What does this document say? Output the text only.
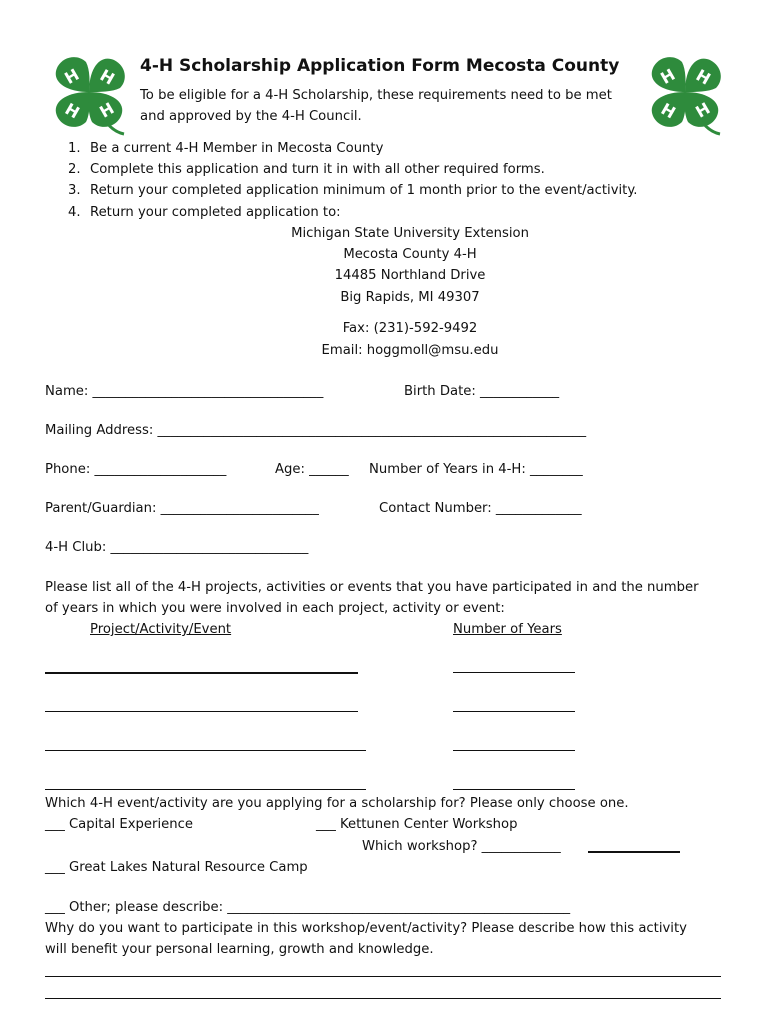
H H
H H
H H
H H
4-H Scholarship Application Form Mecosta County
To be eligible for a 4-H Scholarship, these requirements need to be met
and approved by the 4-H Council.
1. Be a current 4-H Member in Mecosta County
2. Complete this application and turn it in with all other required forms.
3. Return your completed application minimum of 1 month prior to the event/activity.
4. Return your completed application to:
Michigan State University Extension
Mecosta County 4-H
14485 Northland Drive
Big Rapids, MI 49307
Fax: (231)-592-9492
Email: hoggmoll@msu.edu
Name: ___________________________________	Birth Date: ____________
Mailing Address: _________________________________________________________________
Phone: ____________________	Age: ______ Number of Years in 4-H: ________
Parent/Guardian: ________________________	Contact Number: _____________
4-H Club: ______________________________
Please list all of the 4-H projects, activities or events that you have participated in and the number
of years in which you were involved in each project, activity or event:
Project/Activity/Event	Number of Years
Which 4-H event/activity are you applying for a scholarship for? Please only choose one.
___ Capital Experience	___ Kettunen Center Workshop
Which workshop? ____________
___ Great Lakes Natural Resource Camp
___ Other; please describe: ____________________________________________________
Why do you want to participate in this workshop/event/activity? Please describe how this activity
will benefit your personal learning, growth and knowledge.
